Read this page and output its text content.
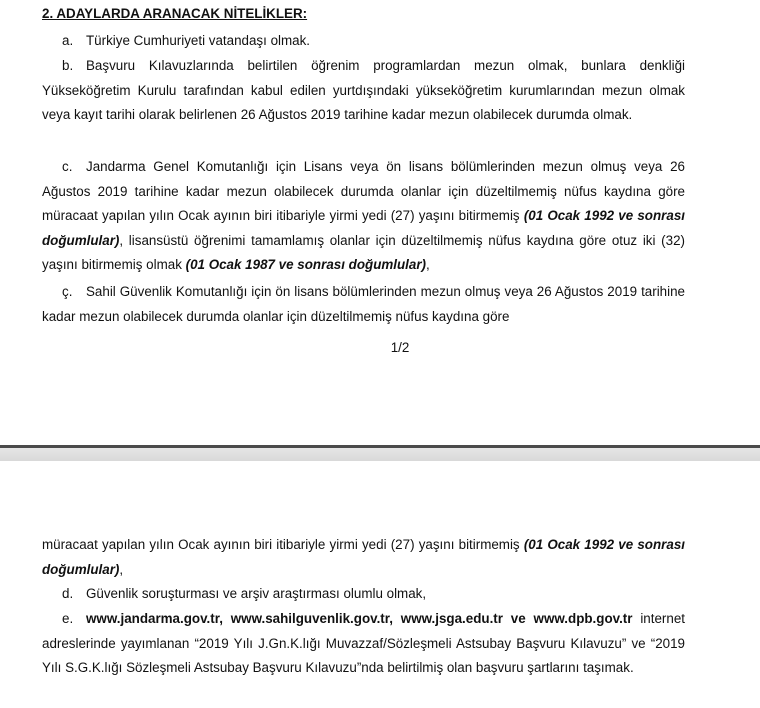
2. ADAYLARDA ARANACAK NİTELİKLER:

a. Türkiye Cumhuriyeti vatandaşı olmak.

b. Başvuru Kılavuzlarında belirtilen öğrenim programlardan mezun olmak, bunlara denkliği Yükseköğretim Kurulu tarafından kabul edilen yurtdışındaki yükseköğretim kurumlarından mezun olmak veya kayıt tarihi olarak belirlenen 26 Ağustos 2019 tarihine kadar mezun olabilecek durumda olmak.

c. Jandarma Genel Komutanlığı için Lisans veya ön lisans bölümlerinden mezun olmuş veya 26 Ağustos 2019 tarihine kadar mezun olabilecek durumda olanlar için düzeltilmemiş nüfus kaydına göre müracaat yapılan yılın Ocak ayının biri itibariyle yirmi yedi (27) yaşını bitirmemiş (01 Ocak 1992 ve sonrası doğumlular), lisansüstü öğrenimi tamamlamış olanlar için düzeltilmemiş nüfus kaydına göre otuz iki (32) yaşını bitirmemiş olmak (01 Ocak 1987 ve sonrası doğumlular),

ç. Sahil Güvenlik Komutanlığı için ön lisans bölümlerinden mezun olmuş veya 26 Ağustos 2019 tarihine kadar mezun olabilecek durumda olanlar için düzeltilmemiş nüfus kaydına göre

1/2

müracaat yapılan yılın Ocak ayının biri itibariyle yirmi yedi (27) yaşını bitirmemiş (01 Ocak 1992 ve sonrası doğumlular),

d. Güvenlik soruşturması ve arşiv araştırması olumlu olmak,

e. www.jandarma.gov.tr, www.sahilguvenlik.gov.tr, www.jsga.edu.tr ve www.dpb.gov.tr internet adreslerinde yayımlanan “2019 Yılı J.Gn.K.lığı Muvazzaf/Sözleşmeli Astsubay Başvuru Kılavuzu” ve “2019 Yılı S.G.K.lığı Sözleşmeli Astsubay Başvuru Kılavuzu”nda belirtilmiş olan başvuru şartlarını taşımak.
